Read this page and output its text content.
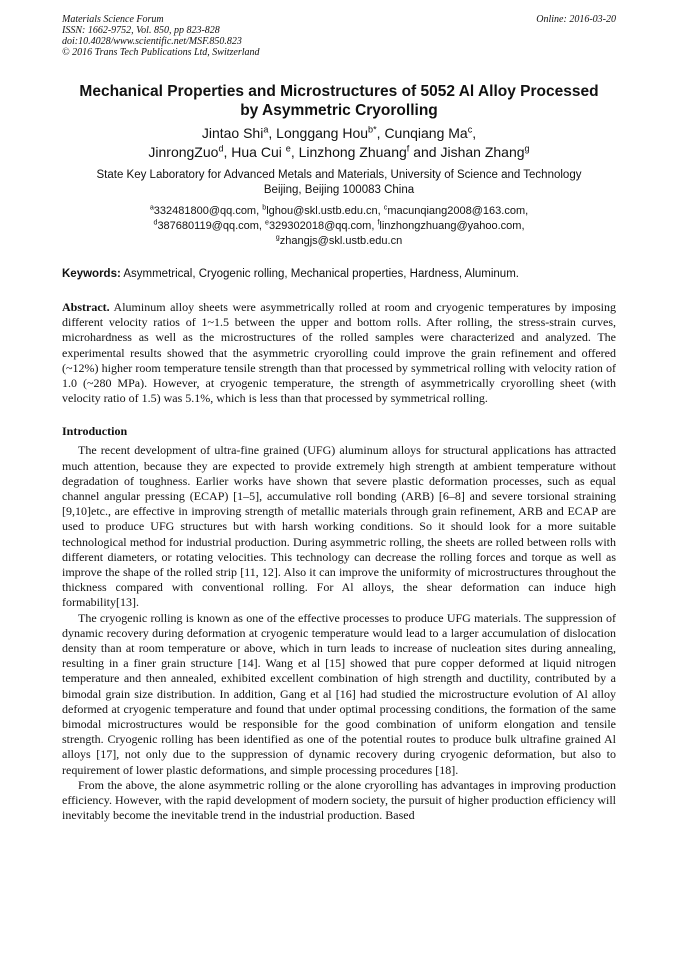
Materials Science Forum
ISSN: 1662-9752, Vol. 850, pp 823-828
doi:10.4028/www.scientific.net/MSF.850.823
© 2016 Trans Tech Publications Ltd, Switzerland
Online: 2016-03-20
Mechanical Properties and Microstructures of 5052 Al Alloy Processed
by Asymmetric Cryorolling
Jintao Shi$^a$, Longgang Hou$^{b*}$, Cunqiang Ma$^c$,
JinrongZuo$^d$, Hua Cui $^e$, Linzhong Zhuang$^f$ and Jishan Zhang$^g$
State Key Laboratory for Advanced Metals and Materials, University of Science and Technology
Beijing, Beijing 100083 China
$^a$332481800@qq.com, $^b$lghou@skl.ustb.edu.cn, $^c$macunqiang2008@163.com,
$^d$387680119@qq.com, $^e$329302018@qq.com, $^f$linzhongzhuang@yahoo.com,
$^g$zhangjs@skl.ustb.edu.cn
Keywords: Asymmetrical, Cryogenic rolling, Mechanical properties, Hardness, Aluminum.
Abstract. Aluminum alloy sheets were asymmetrically rolled at room and cryogenic temperatures by imposing different velocity ratios of 1~1.5 between the upper and bottom rolls. After rolling, the stress-strain curves, microhardness as well as the microstructures of the rolled samples were characterized and analyzed. The experimental results showed that the asymmetric cryorolling could improve the grain refinement and offered (~12%) higher room temperature tensile strength than that processed by symmetrical rolling with velocity ration of 1.0 (~280 MPa). However, at cryogenic temperature, the strength of asymmetrically cryorolling sheet (with velocity ratio of 1.5) was 5.1%, which is less than that processed by symmetrical rolling.
Introduction

The recent development of ultra-fine grained (UFG) aluminum alloys for structural applications has attracted much attention, because they are expected to provide extremely high strength at ambient temperature without degradation of toughness. Earlier works have shown that severe plastic deformation processes, such as equal channel angular pressing (ECAP) [1–5], accumulative roll bonding (ARB) [6–8] and severe torsional straining [9,10]etc., are effective in improving strength of metallic materials through grain refinement, ARB and ECAP are used to produce UFG structures but with harsh working conditions. So it should look for a more suitable technological method for industrial production. During asymmetric rolling, the sheets are rolled between rolls with different diameters, or rotating velocities. This technology can decrease the rolling forces and torque as well as improve the shape of the rolled strip [11, 12]. Also it can improve the uniformity of microstructures throughout the thickness compared with conventional rolling. For Al alloys, the shear deformation can induce high formability[13].

The cryogenic rolling is known as one of the effective processes to produce UFG materials. The suppression of dynamic recovery during deformation at cryogenic temperature would lead to a larger accumulation of dislocation density than at room temperature or above, which in turn leads to increase of nucleation sites during annealing, resulting in a finer grain structure [14]. Wang et al [15] showed that pure copper deformed at liquid nitrogen temperature and then annealed, exhibited excellent combination of high strength and ductility, contributed by a bimodal grain size distribution. In addition, Gang et al [16] had studied the microstructure evolution of Al alloy deformed at cryogenic temperature and found that under optimal processing conditions, the formation of the same bimodal microstructures would be responsible for the good combination of uniform elongation and tensile strength. Cryogenic rolling has been identified as one of the potential routes to produce bulk ultrafine grained Al alloys [17], not only due to the suppression of dynamic recovery during cryogenic deformation, but also to requirement of lower plastic deformations, and simple processing procedures [18].

From the above, the alone asymmetric rolling or the alone cryorolling has advantages in improving production efficiency. However, with the rapid development of modern society, the pursuit of higher production efficiency will inevitably become the inevitable trend in the industrial production. Based
